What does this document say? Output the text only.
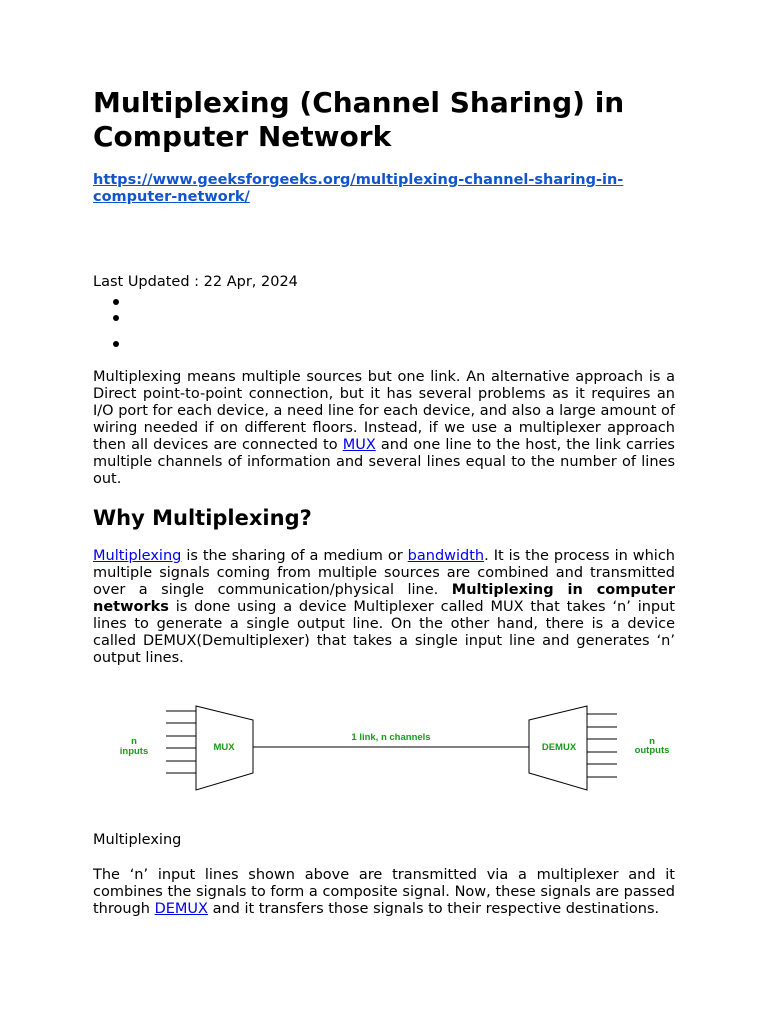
Multiplexing (Channel Sharing) in Computer Network
https://www.geeksforgeeks.org/multiplexing-channel-sharing-in-computer-network/
Last Updated : 22 Apr, 2024

Multiplexing means multiple sources but one link. An alternative approach is a Direct point-to-point connection, but it has several problems as it requires an I/O port for each device, a need line for each device, and also a large amount of wiring needed if on different floors. Instead, if we use a multiplexer approach then all devices are connected to MUX and one line to the host, the link carries multiple channels of information and several lines equal to the number of lines out.

Why Multiplexing?

Multiplexing is the sharing of a medium or bandwidth. It is the process in which multiple signals coming from multiple sources are combined and transmitted over a single communication/physical line. Multiplexing in computer networks is done using a device Multiplexer called MUX that takes ‘n’ input lines to generate a single output line. On the other hand, there is a device called DEMUX(Demultiplexer) that takes a single input line and generates ‘n’ output lines.

n
inputs	MUX
1 link, n channels
DEMUX
n
outputs
Multiplexing

The ‘n’ input lines shown above are transmitted via a multiplexer and it combines the signals to form a composite signal. Now, these signals are passed through DEMUX and it transfers those signals to their respective destinations.
